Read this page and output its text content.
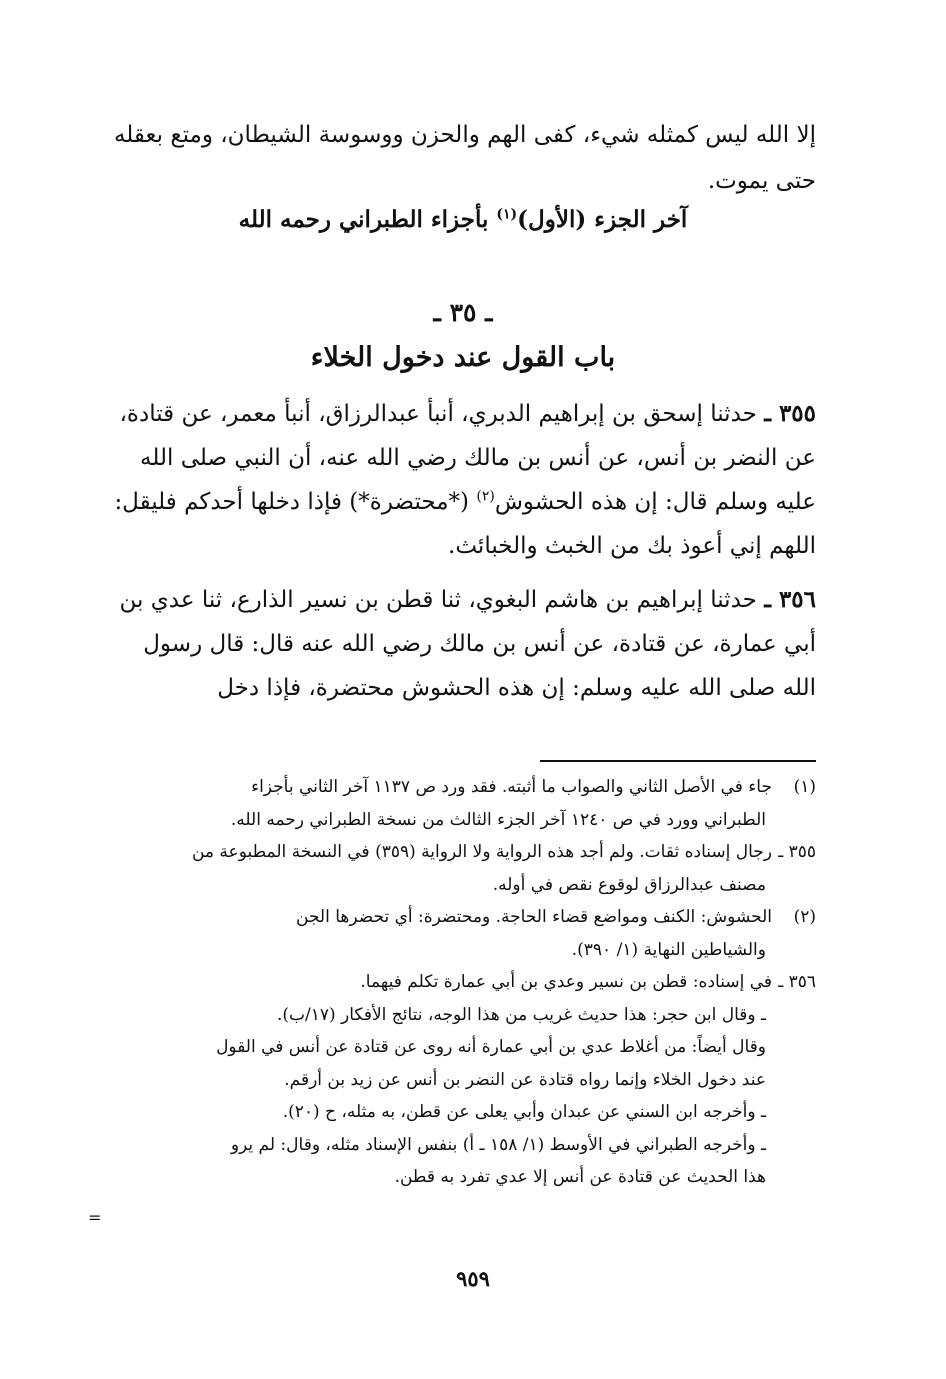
إلا الله ليس كمثله شيء، كفى الهم والحزن ووسوسة الشيطان، ومتع بعقله
حتى يموت.
آخر الجزء (الأول)$^{(١)}$ بأجزاء الطبراني رحمه الله
ـ ٣٥ ـ
باب القول عند دخول الخلاء
٣٥٥ ـ حدثنا إسحق بن إبراهيم الدبري، أنبأ عبدالرزاق، أنبأ معمر، عن قتادة، عن النضر بن أنس، عن أنس بن مالك رضي الله عنه، أن النبي صلى الله عليه وسلم قال: إن هذه الحشوش$^{(٢)}$ (*محتضرة*) فإذا دخلها أحدكم فليقل: اللهم إني أعوذ بك من الخبث والخبائث.
٣٥٦ ـ حدثنا إبراهيم بن هاشم البغوي، ثنا قطن بن نسير الذارع، ثنا عدي بن أبي عمارة، عن قتادة، عن أنس بن مالك رضي الله عنه قال: قال رسول الله صلى الله عليه وسلم: إن هذه الحشوش محتضرة، فإذا دخل

(١)جاء في الأصل الثاني والصواب ما أثبته. فقد ورد ص ١١٣٧ آخر الثاني بأجزاء

الطبراني وورد في ص ١٢٤٠ آخر الجزء الثالث من نسخة الطبراني رحمه الله.

٣٥٥ ـرجال إسناده ثقات. ولم أجد هذه الرواية ولا الرواية (٣٥٩) في النسخة المطبوعة من

مصنف عبدالرزاق لوقوع نقص في أوله.

(٢)الحشوش: الكنف ومواضع قضاء الحاجة. ومحتضرة: أي تحضرها الجن

والشياطين النهاية (١/ ٣٩٠).

٣٥٦ ـفي إسناده: قطن بن نسير وعدي بن أبي عمارة تكلم فيهما.

ـ وقال ابن حجر: هذا حديث غريب من هذا الوجه، نتائج الأفكار (١٧/ب).

وقال أيضاً: من أغلاط عدي بن أبي عمارة أنه روى عن قتادة عن أنس في القول

عند دخول الخلاء وإنما رواه قتادة عن النضر بن أنس عن زيد بن أرقم.

ـ وأخرجه ابن السني عن عبدان وأبي يعلى عن قطن، به مثله، ح (٢٠).

ـ وأخرجه الطبراني في الأوسط (١/ ١٥٨ ـ أ) بنفس الإسناد مثله، وقال: لم يرو

هذا الحديث عن قتادة عن أنس إلا عدي تفرد به قطن.

=
٩٥٩
